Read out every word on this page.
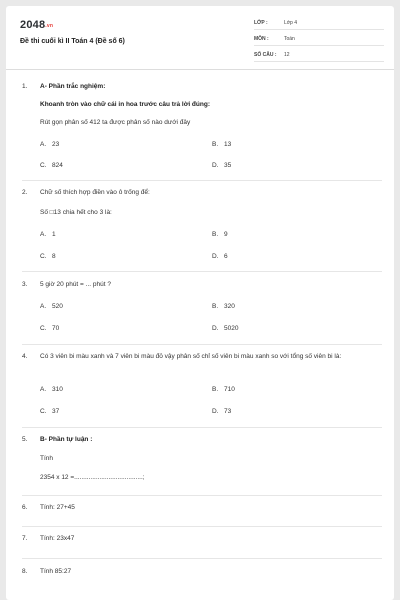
2048.vn
Đề thi cuối kì II Toán 4 (Đề số 6)
LỚP :	Lớp 4
MÔN :	Toán
SỐ CÂU : 12
1.	A- Phần trắc nghiệm:
Khoanh tròn vào chữ cái in hoa trước câu trả lời đúng:
Rút gọn phân số 412 ta được phân số nào dưới đây
A. 23	B. 13
C. 824	D. 35
2.	Chữ số thích hợp điền vào ô trống để:
Số □13 chia hết cho 3 là:
A. 1	B. 9
C. 8	D. 6
3.	5 giờ 20 phút = ... phút ?
A. 520	B. 320
C. 70	D. 5020
4.	Có 3 viên bi màu xanh và 7 viên bi màu đỏ vậy phân số chỉ số viên bi màu xanh so với tổng số viên bi là:
A. 310	B. 710
C. 37	D. 73
5.	B- Phần tự luận :
Tính
2354 x 12 =......................................;
6.	Tính: 27+45
7.	Tính: 23x47
8.	Tính 85:27
